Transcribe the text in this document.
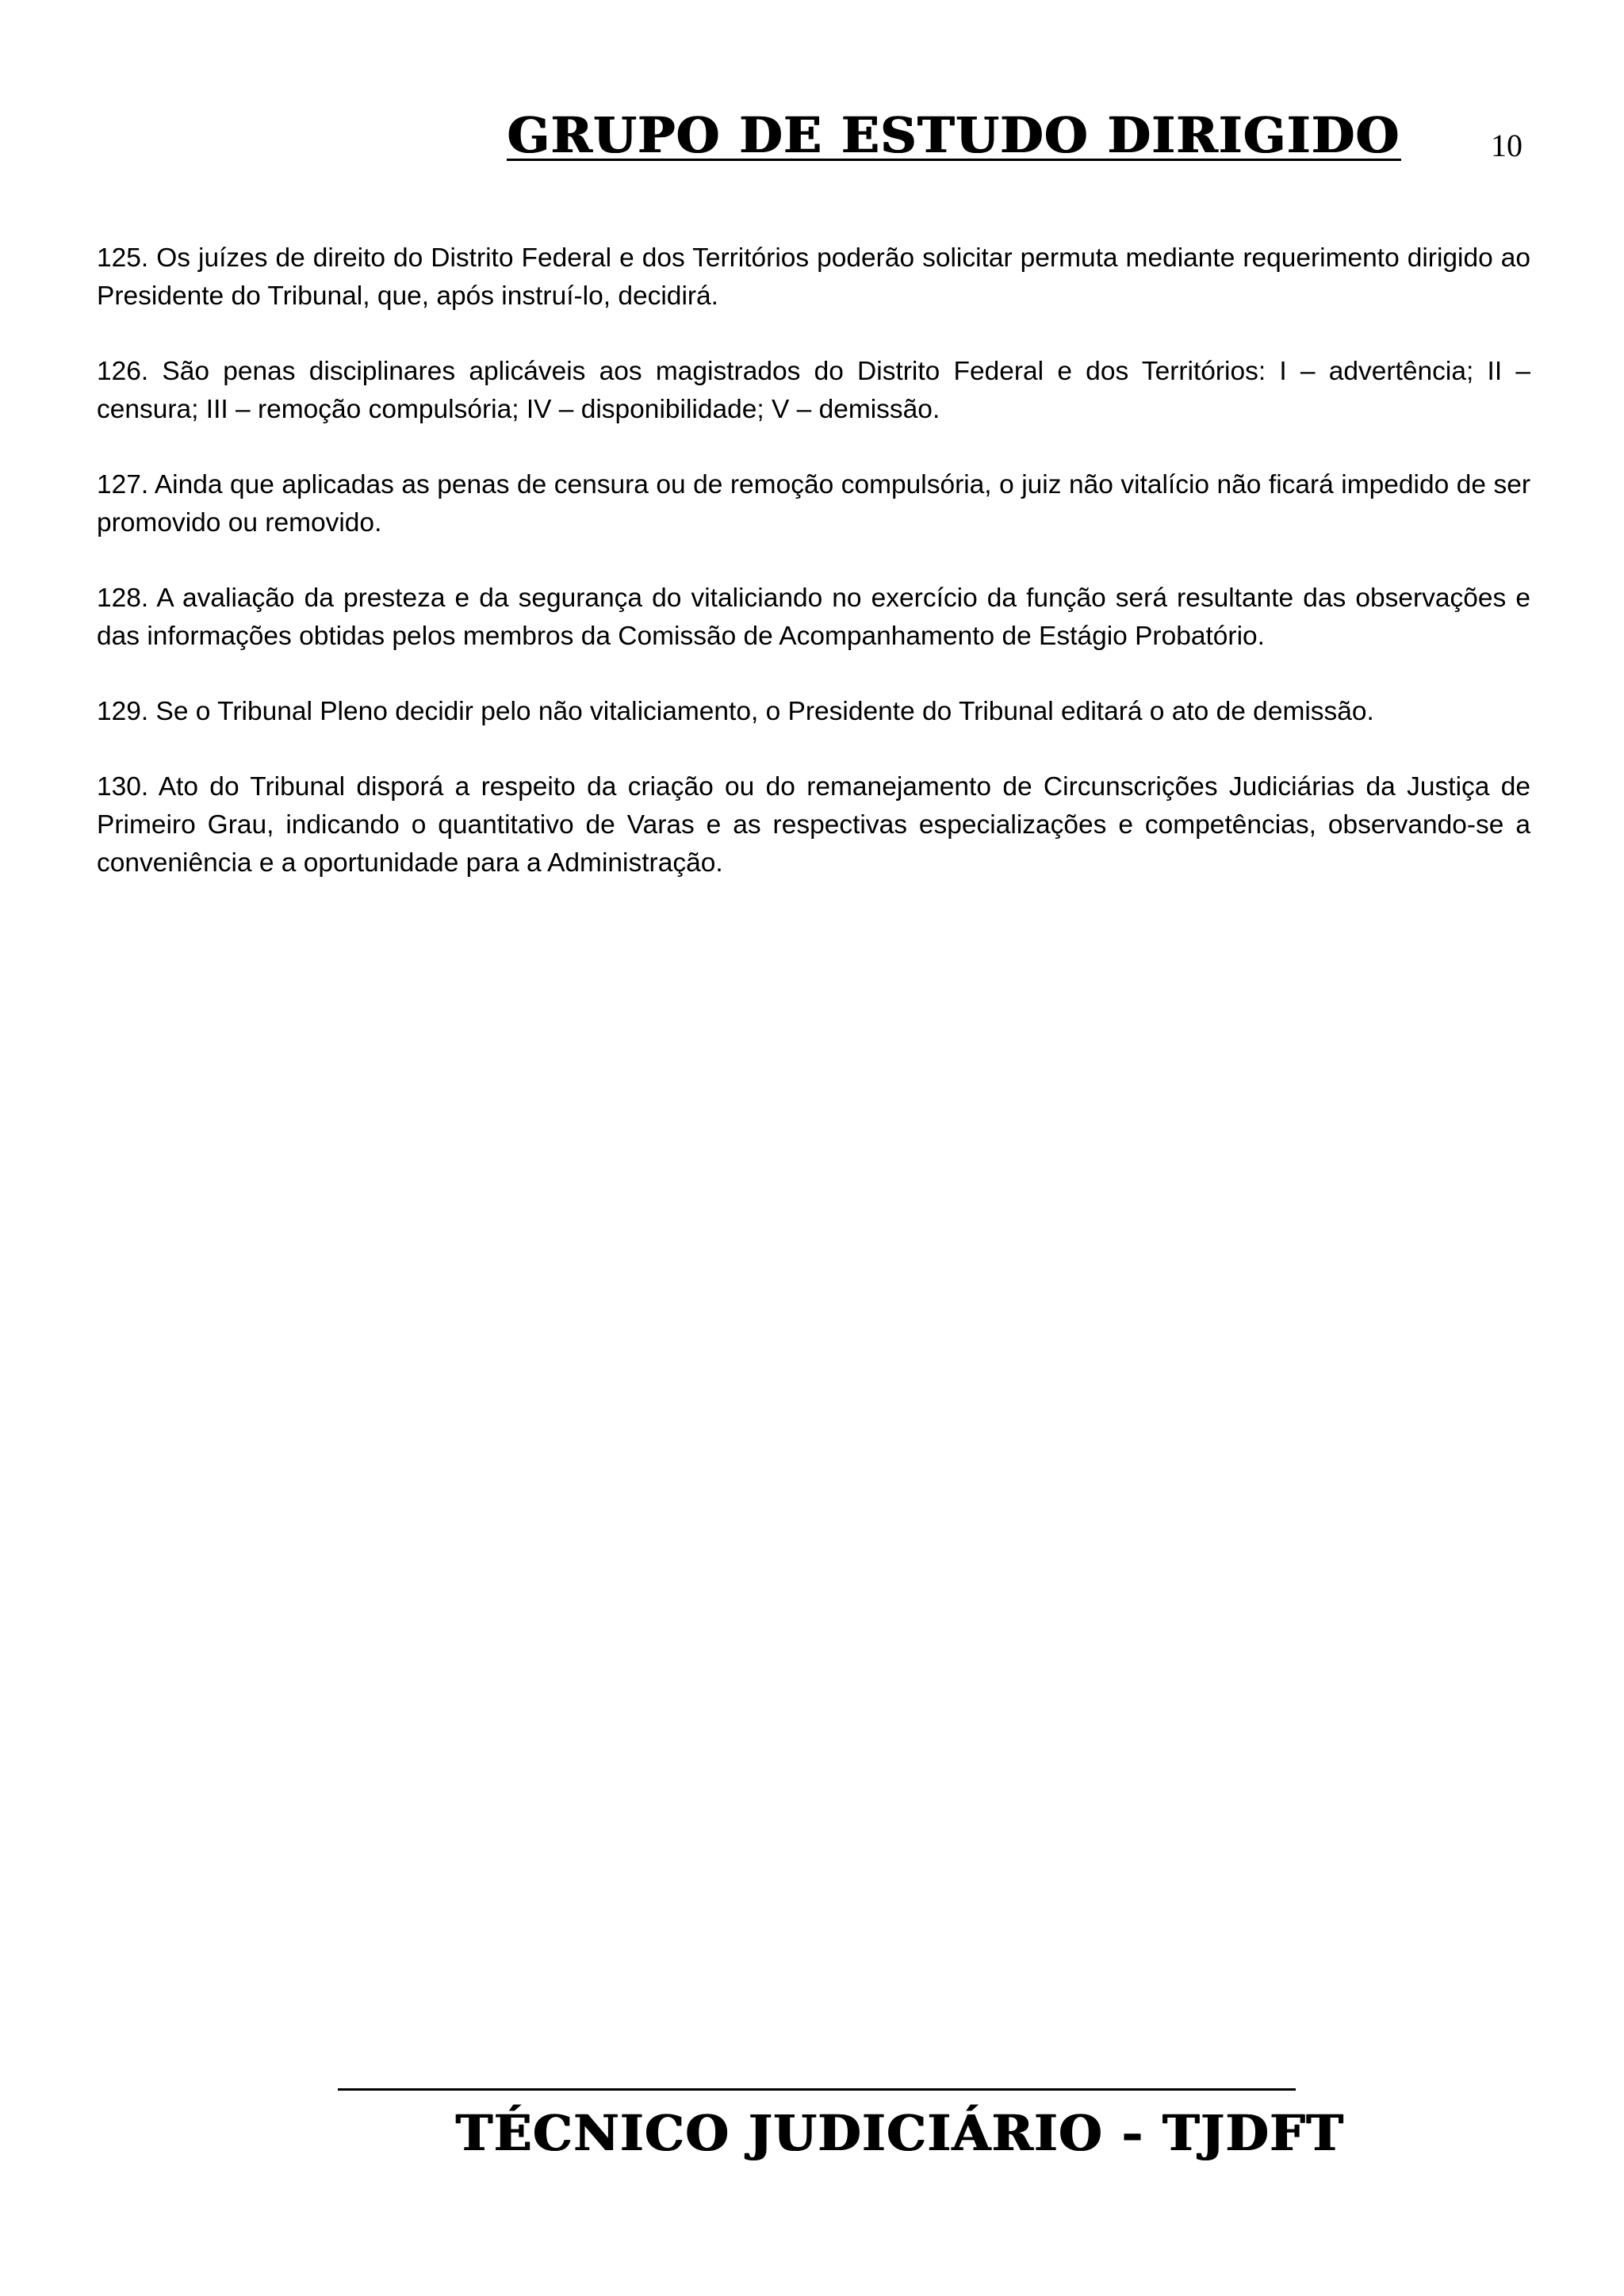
GRUPO DE ESTUDO DIRIGIDO	10

125. Os juízes de direito do Distrito Federal e dos Territórios poderão solicitar permuta mediante requerimento dirigido ao Presidente do Tribunal, que, após instruí-lo, decidirá.

126. São penas disciplinares aplicáveis aos magistrados do Distrito Federal e dos Territórios: I – advertência; II – censura; III – remoção compulsória; IV – disponibilidade; V – demissão.

127. Ainda que aplicadas as penas de censura ou de remoção compulsória, o juiz não vitalício não ficará impedido de ser promovido ou removido.

128. A avaliação da presteza e da segurança do vitaliciando no exercício da função será resultante das observações e das informações obtidas pelos membros da Comissão de Acompanhamento de Estágio Probatório.

129. Se o Tribunal Pleno decidir pelo não vitaliciamento, o Presidente do Tribunal editará o ato de demissão.

130. Ato do Tribunal disporá a respeito da criação ou do remanejamento de Circunscrições Judiciárias da Justiça de Primeiro Grau, indicando o quantitativo de Varas e as respectivas especializações e competências, observando-se a conveniência e a oportunidade para a Administração.

TÉCNICO JUDICIÁRIO - TJDFT
